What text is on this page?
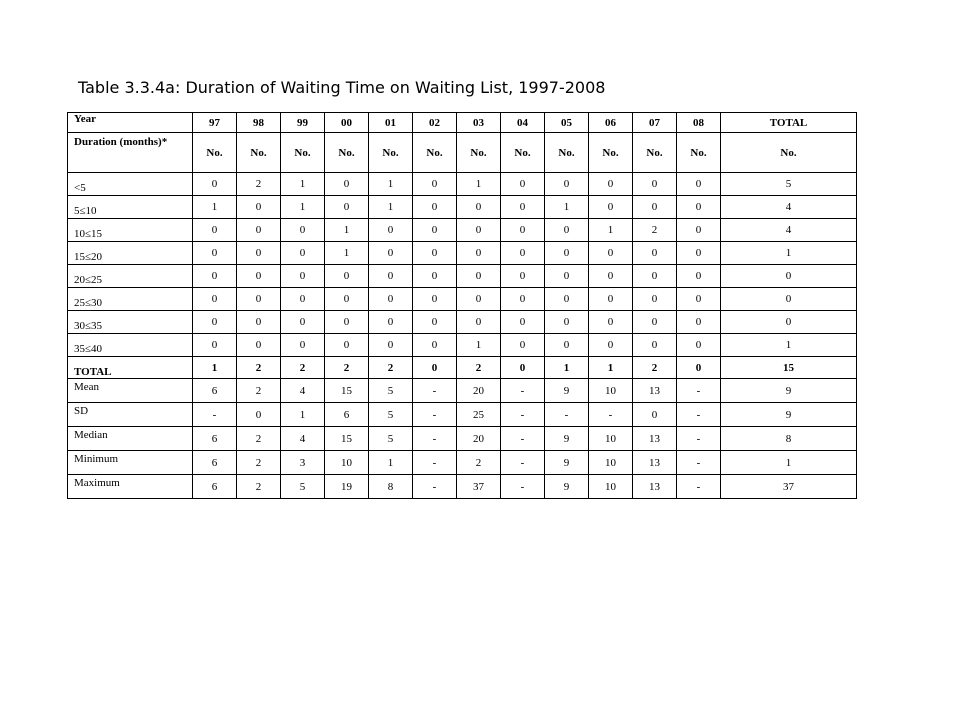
Table 3.3.4a: Duration of Waiting Time on Waiting List, 1997-2008
Year	97	98	99	00	01	02	03	04	05	06	07	08	TOTAL
Duration (months)*	No.	No.	No.	No.	No.	No.	No.	No.	No.	No.	No.	No.	No.
<5	0	2	1	0	1	0	1	0	0	0	0	0	5
5≤10	1	0	1	0	1	0	0	0	1	0	0	0	4
10≤15	0	0	0	1	0	0	0	0	0	1	2	0	4
15≤20	0	0	0	1	0	0	0	0	0	0	0	0	1
20≤25	0	0	0	0	0	0	0	0	0	0	0	0	0
25≤30	0	0	0	0	0	0	0	0	0	0	0	0	0
30≤35	0	0	0	0	0	0	0	0	0	0	0	0	0
35≤40	0	0	0	0	0	0	1	0	0	0	0	0	1
TOTAL	1	2	2	2	2	0	2	0	1	1	2	0	15
Mean	6	2	4	15	5	-	20	-	9	10	13	-	9
SD	-	0	1	6	5	-	25	-	-	-	0	-	9
Median	6	2	4	15	5	-	20	-	9	10	13	-	8
Minimum	6	2	3	10	1	-	2	-	9	10	13	-	1
Maximum	6	2	5	19	8	-	37	-	9	10	13	-	37
